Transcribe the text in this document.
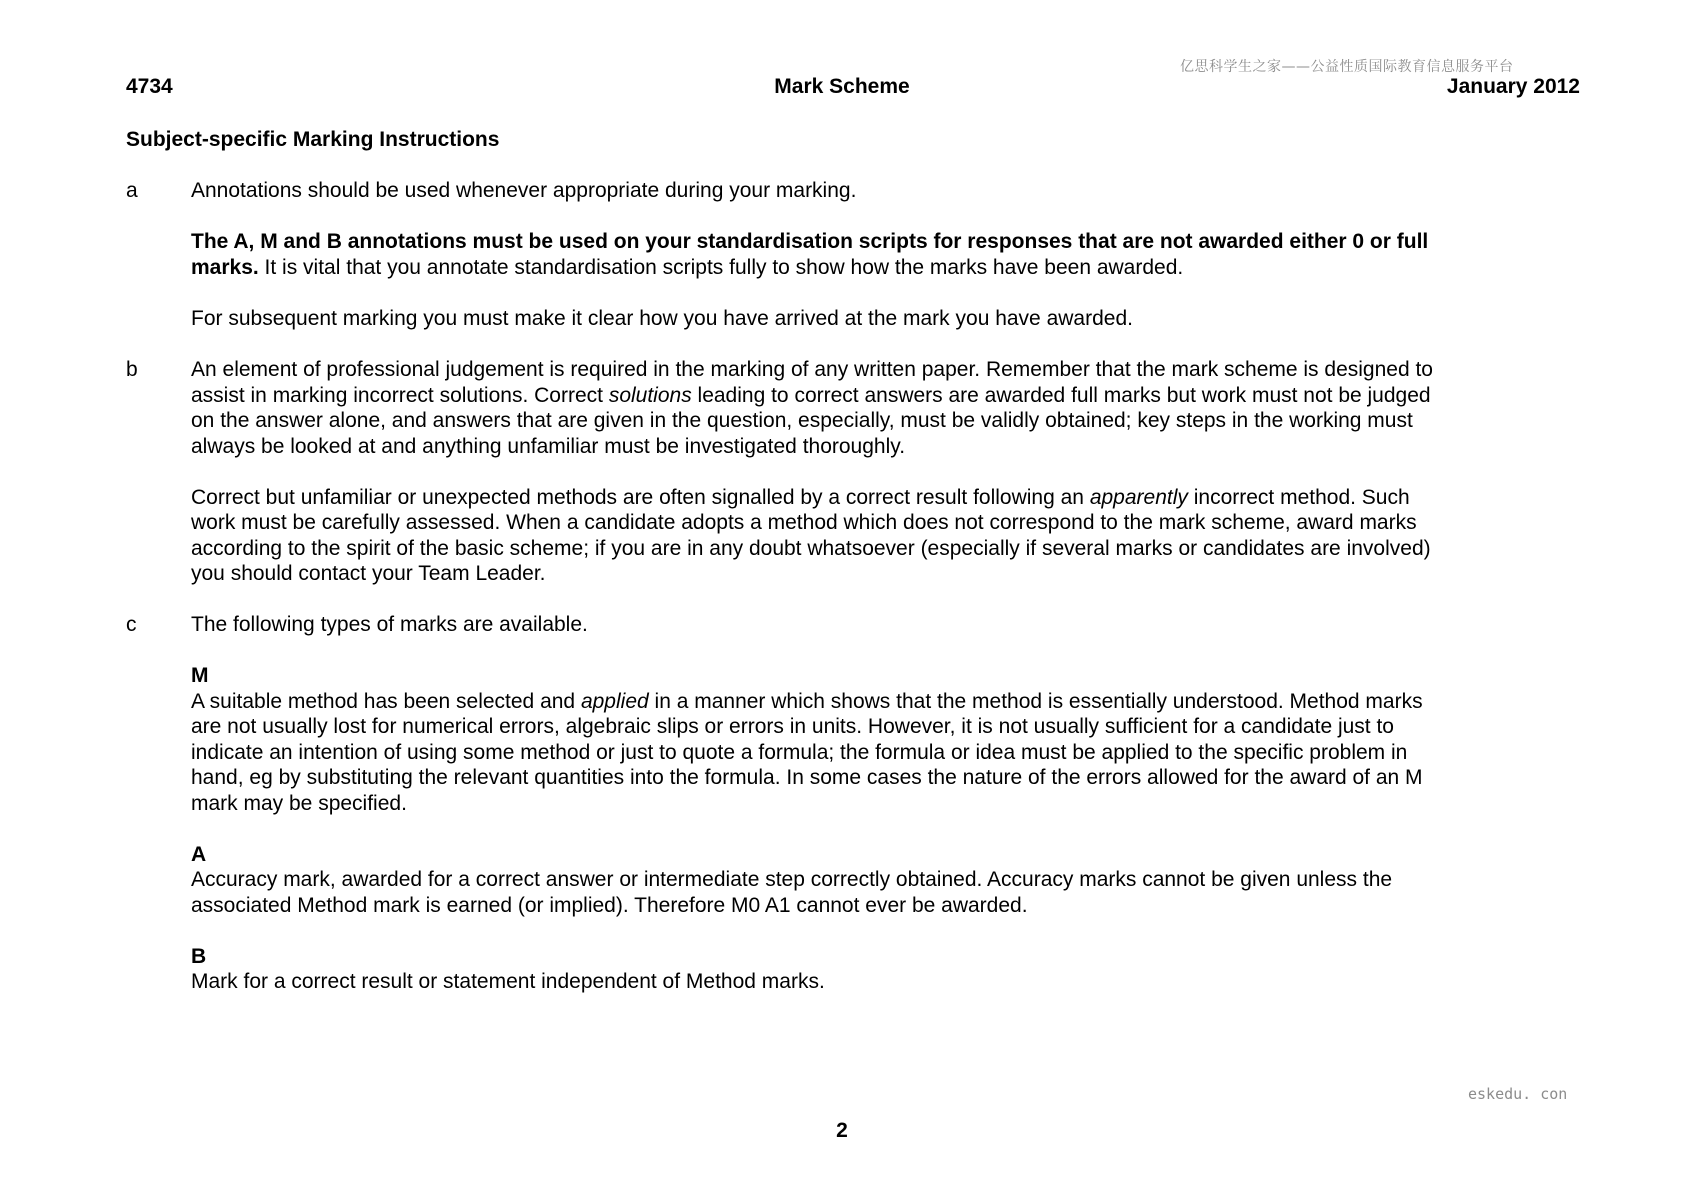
亿思科学生之家——公益性质国际教育信息服务平台
4734	Mark Scheme	January 2012
Subject-specific Marking Instructions
a	Annotations should be used whenever appropriate during your marking.

The A, M and B annotations must be used on your standardisation scripts for responses that are not awarded either 0 or full marks. It is vital that you annotate standardisation scripts fully to show how the marks have been awarded.

For subsequent marking you must make it clear how you have arrived at the mark you have awarded.

b	An element of professional judgement is required in the marking of any written paper. Remember that the mark scheme is designed to assist in marking incorrect solutions. Correct solutions leading to correct answers are awarded full marks but work must not be judged on the answer alone, and answers that are given in the question, especially, must be validly obtained; key steps in the working must always be looked at and anything unfamiliar must be investigated thoroughly.

Correct but unfamiliar or unexpected methods are often signalled by a correct result following an apparently incorrect method. Such work must be carefully assessed. When a candidate adopts a method which does not correspond to the mark scheme, award marks according to the spirit of the basic scheme; if you are in any doubt whatsoever (especially if several marks or candidates are involved) you should contact your Team Leader.

c	The following types of marks are available.

M
A suitable method has been selected and applied in a manner which shows that the method is essentially understood. Method marks are not usually lost for numerical errors, algebraic slips or errors in units. However, it is not usually sufficient for a candidate just to indicate an intention of using some method or just to quote a formula; the formula or idea must be applied to the specific problem in hand, eg by substituting the relevant quantities into the formula. In some cases the nature of the errors allowed for the award of an M mark may be specified.

A
Accuracy mark, awarded for a correct answer or intermediate step correctly obtained. Accuracy marks cannot be given unless the associated Method mark is earned (or implied). Therefore M0 A1 cannot ever be awarded.

B
Mark for a correct result or statement independent of Method marks.

eskedu. con
2
